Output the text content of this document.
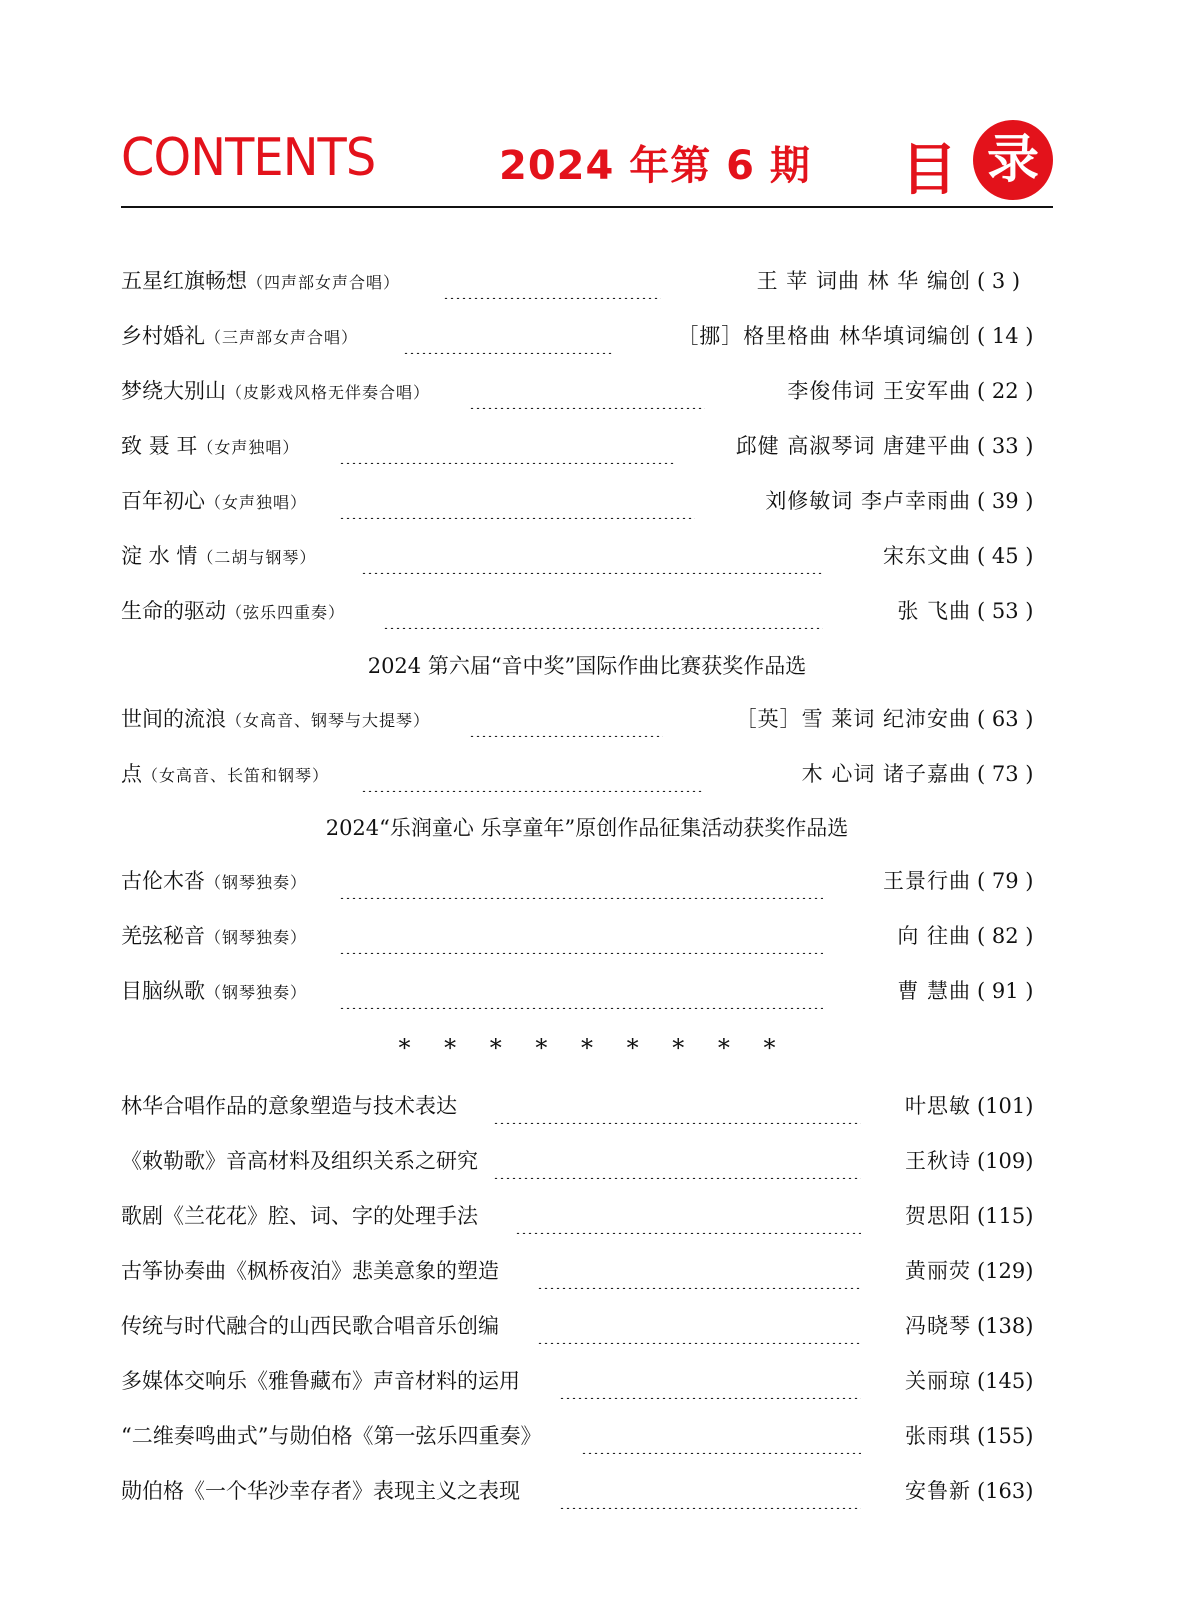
CONTENTS	2024 年第 6 期 目 录
五星红旗畅想（四声部女声合唱）	王 苹 词曲 林 华 编创 ( 3 )
乡村婚礼（三声部女声合唱）	［挪］格里格曲 林华填词编创 ( 14 )
梦绕大别山（皮影戏风格无伴奏合唱）	李俊伟词 王安军曲 ( 22 )
致 聂 耳（女声独唱）	邱健 高淑琴词 唐建平曲 ( 33 )
百年初心（女声独唱）	刘修敏词 李卢幸雨曲 ( 39 )
淀 水 情（二胡与钢琴）	宋东文曲 ( 45 )
生命的驱动（弦乐四重奏）	张 飞曲 ( 53 )
2024 第六届“音中奖”国际作曲比赛获奖作品选
世间的流浪（女高音、钢琴与大提琴）	［英］雪 莱词 纪沛安曲 ( 63 )
点（女高音、长笛和钢琴）	木 心词 诸子嘉曲 ( 73 )
2024“乐润童心 乐享童年”原创作品征集活动获奖作品选
古伦木沓（钢琴独奏）	王景行曲 ( 79 )
羌弦秘音（钢琴独奏）	向 往曲 ( 82 )
目脑纵歌（钢琴独奏）	曹 慧曲 ( 91 )
* * * * * * * * *
林华合唱作品的意象塑造与技术表达	叶思敏 (101)
《敕勒歌》音高材料及组织关系之研究	王秋诗 (109)
歌剧《兰花花》腔、词、字的处理手法	贺思阳 (115)
古筝协奏曲《枫桥夜泊》悲美意象的塑造	黄丽荧 (129)
传统与时代融合的山西民歌合唱音乐创编	冯晓琴 (138)
多媒体交响乐《雅鲁藏布》声音材料的运用	关丽琼 (145)
“二维奏鸣曲式”与勋伯格《第一弦乐四重奏》	张雨琪 (155)
勋伯格《一个华沙幸存者》表现主义之表现	安鲁新 (163)
